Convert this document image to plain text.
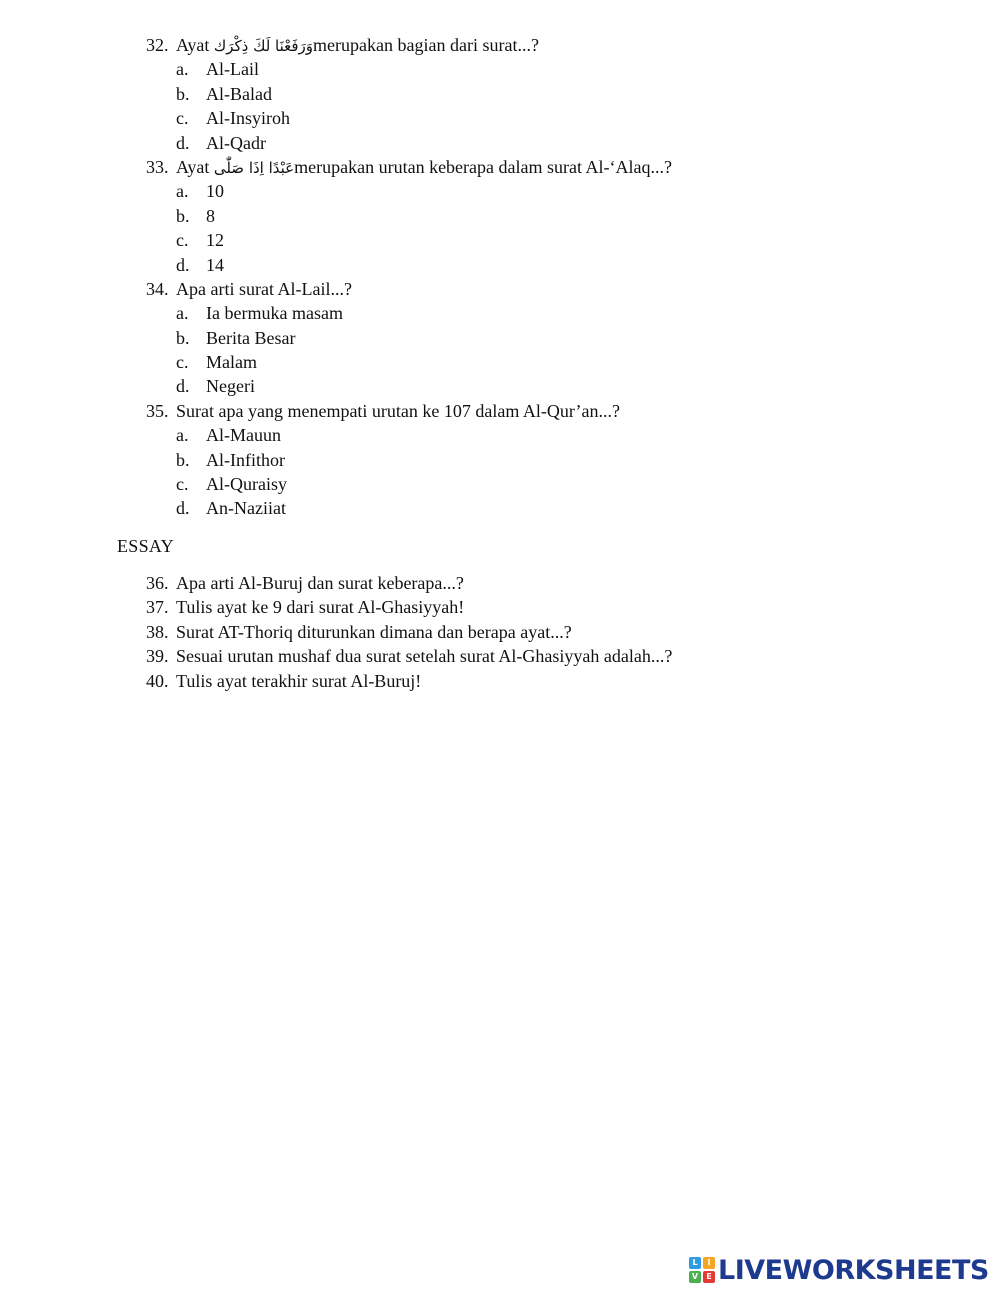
32. Ayat وَرَفَعْنَا لَكَ ذِكْرَكmerupakan bagian dari surat...?
a. Al-Lail
b. Al-Balad
c. Al-Insyiroh
d. Al-Qadr
33. Ayat عَبْدًا اِذَا صَلّٰىmerupakan urutan keberapa dalam surat Al-‘Alaq...?
a. 10
b. 8
c. 12
d. 14
34. Apa arti surat Al-Lail...?
a. Ia bermuka masam
b. Berita Besar
c. Malam
d. Negeri
35. Surat apa yang menempati urutan ke 107 dalam Al-Qur’an...?
a. Al-Mauun
b. Al-Infithor
c. Al-Quraisy
d. An-Naziiat
ESSAY
36. Apa arti Al-Buruj dan surat keberapa...?
37. Tulis ayat ke 9 dari surat Al-Ghasiyyah!
38. Surat AT-Thoriq diturunkan dimana dan berapa ayat...?
39. Sesuai urutan mushaf dua surat setelah surat Al-Ghasiyyah adalah...?
40. Tulis ayat terakhir surat Al-Buruj!
L	I
V	E LIVEWORKSHEETS
